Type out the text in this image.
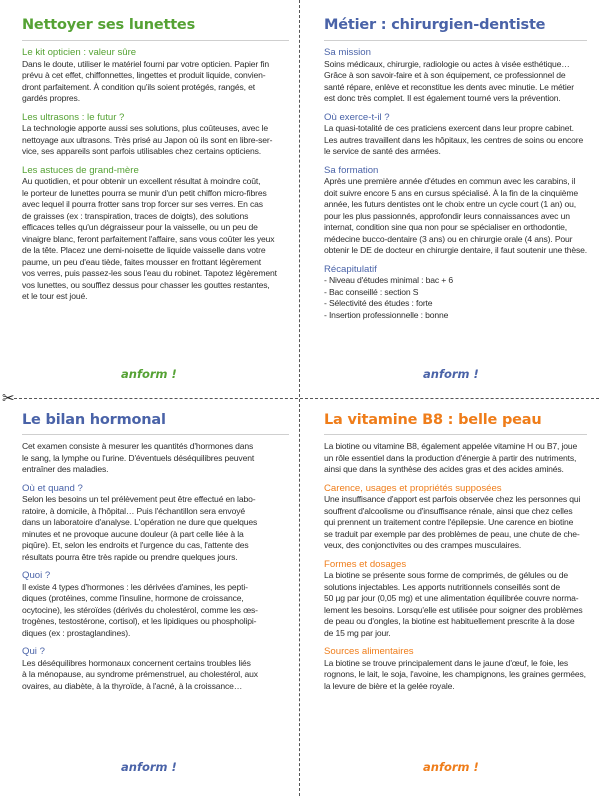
✂
Nettoyer ses lunettes
Le kit opticien : valeur sûre
Dans le doute, utiliser le matériel fourni par votre opticien. Papier fin
prévu à cet effet, chiffonnettes, lingettes et produit liquide, convien-
dront parfaitement. À condition qu'ils soient protégés, rangés, et
gardés propres.
Les ultrasons : le futur ?
La technologie apporte aussi ses solutions, plus coûteuses, avec le
nettoyage aux ultrasons. Très prisé au Japon où ils sont en libre-ser-
vice, ses appareils sont parfois utilisables chez certains opticiens.
Les astuces de grand-mère
Au quotidien, et pour obtenir un excellent résultat à moindre coût,
le porteur de lunettes pourra se munir d'un petit chiffon micro-fibres
avec lequel il pourra frotter sans trop forcer sur ses verres. En cas
de graisses (ex : transpiration, traces de doigts), des solutions
efficaces telles qu'un dégraisseur pour la vaisselle, ou un peu de
vinaigre blanc, feront parfaitement l'affaire, sans vous coûter les yeux
de la tête. Placez une demi-noisette de liquide vaisselle dans votre
paume, un peu d'eau tiède, faites mousser en frottant légèrement
vos verres, puis passez-les sous l'eau du robinet. Tapotez légèrement
vos lunettes, ou soufflez dessus pour chasser les gouttes restantes,
et le tour est joué.
Métier : chirurgien-dentiste
Sa mission
Soins médicaux, chirurgie, radiologie ou actes à visée esthétique…
Grâce à son savoir-faire et à son équipement, ce professionnel de
santé répare, enlève et reconstitue les dents avec minutie. Le métier
est donc très complet. Il est également tourné vers la prévention.
Où exerce-t-il ?
La quasi-totalité de ces praticiens exercent dans leur propre cabinet.
Les autres travaillent dans les hôpitaux, les centres de soins ou encore
le service de santé des armées.
Sa formation
Après une première année d'études en commun avec les carabins, il
doit suivre encore 5 ans en cursus spécialisé. À la fin de la cinquième
année, les futurs dentistes ont le choix entre un cycle court (1 an) ou,
pour les plus passionnés, approfondir leurs connaissances avec un
internat, condition sine qua non pour se spécialiser en orthodontie,
médecine bucco-dentaire (3 ans) ou en chirurgie orale (4 ans). Pour
obtenir le DE de docteur en chirurgie dentaire, il faut soutenir une thèse.
Récapitulatif
- Niveau d'études minimal : bac + 6
- Bac conseillé : section S
- Sélectivité des études : forte
- Insertion professionnelle : bonne
Le bilan hormonal
Cet examen consiste à mesurer les quantités d'hormones dans
le sang, la lymphe ou l'urine. D'éventuels déséquilibres peuvent
entraîner des maladies.
Où et quand ?
Selon les besoins un tel prélèvement peut être effectué en labo-
ratoire, à domicile, à l'hôpital… Puis l'échantillon sera envoyé
dans un laboratoire d'analyse. L'opération ne dure que quelques
minutes et ne provoque aucune douleur (à part celle liée à la
piqûre). Et, selon les endroits et l'urgence du cas, l'attente des
résultats pourra être très rapide ou prendre quelques jours.
Quoi ?
Il existe 4 types d'hormones : les dérivées d'amines, les pepti-
diques (protéines, comme l'insuline, hormone de croissance,
ocytocine), les stéroïdes (dérivés du cholestérol, comme les œs-
trogènes, testostérone, cortisol), et les lipidiques ou phospholipi-
diques (ex : prostaglandines).
Qui ?
Les déséquilibres hormonaux concernent certains troubles liés
à la ménopause, au syndrome prémenstruel, au cholestérol, aux
ovaires, au diabète, à la thyroïde, à l'acné, à la croissance…
La vitamine B8 : belle peau
La biotine ou vitamine B8, également appelée vitamine H ou B7, joue
un rôle essentiel dans la production d'énergie à partir des nutriments,
ainsi que dans la synthèse des acides gras et des acides aminés.
Carence, usages et propriétés supposées
Une insuffisance d'apport est parfois observée chez les personnes qui
souffrent d'alcoolisme ou d'insuffisance rénale, ainsi que chez celles
qui prennent un traitement contre l'épilepsie. Une carence en biotine
se traduit par exemple par des problèmes de peau, une chute de che-
veux, des conjonctivites ou des crampes musculaires.
Formes et dosages
La biotine se présente sous forme de comprimés, de gélules ou de
solutions injectables. Les apports nutritionnels conseillés sont de
50 µg par jour (0,05 mg) et une alimentation équilibrée couvre norma-
lement les besoins. Lorsqu'elle est utilisée pour soigner des problèmes
de peau ou d'ongles, la biotine est habituellement prescrite à la dose
de 15 mg par jour.
Sources alimentaires
La biotine se trouve principalement dans le jaune d'œuf, le foie, les
rognons, le lait, le soja, l'avoine, les champignons, les graines germées,
la levure de bière et la gelée royale.
anform !	anform !
anform !	anform !
